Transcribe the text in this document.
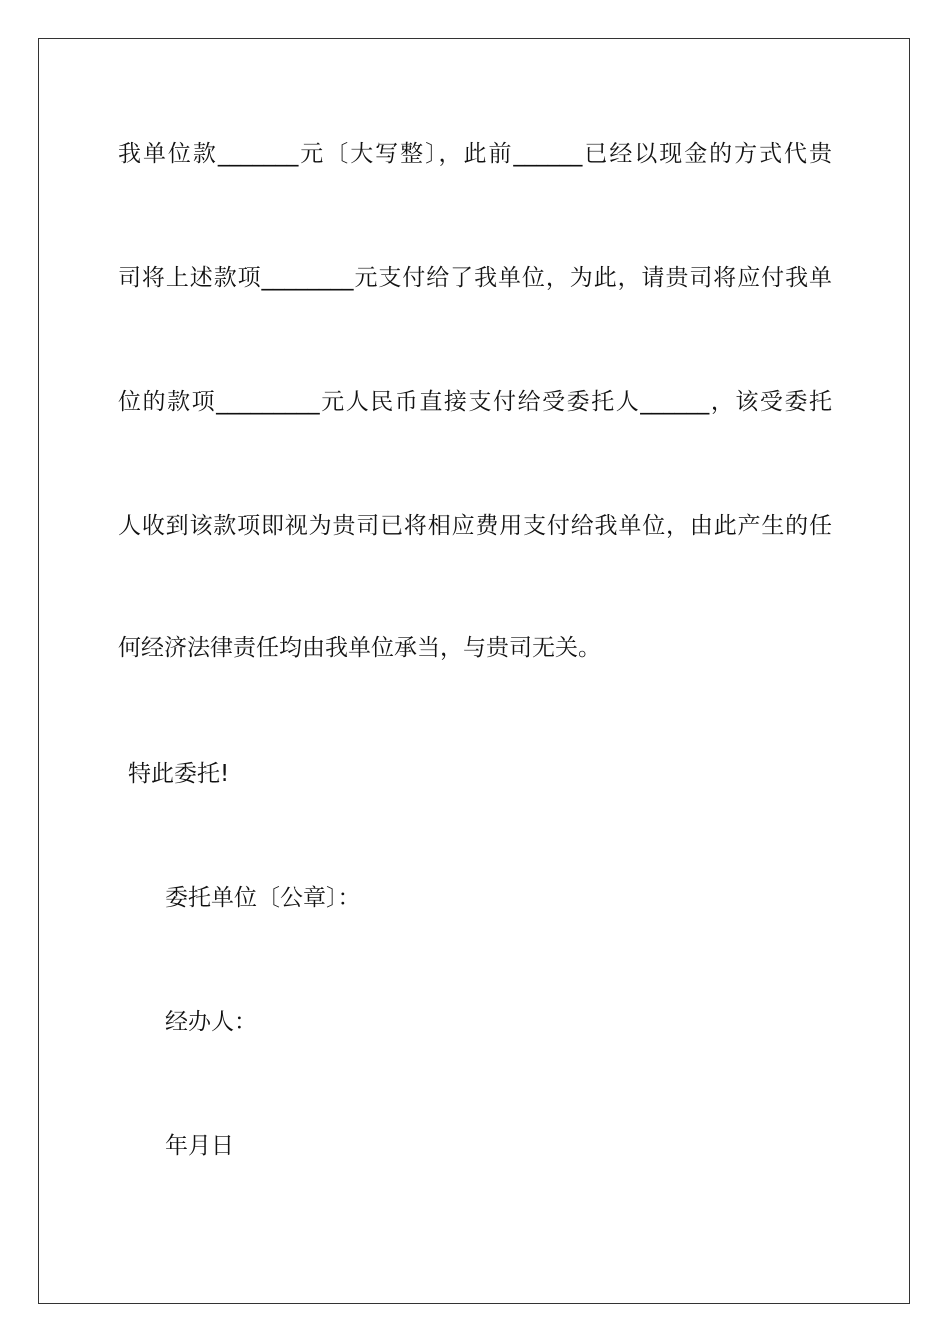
我单位款_______元〔大写整〕，此前______已经以现金的方式代贵

司将上述款项________元支付给了我单位，为此，请贵司将应付我单

位的款项_________元人民币直接支付给受委托人______，该受委托

人收到该款项即视为贵司已将相应费用支付给我单位，由此产生的任

何经济法律责任均由我单位承当，与贵司无关。

特此委托!

委托单位〔公章〕：

经办人：

年月日
